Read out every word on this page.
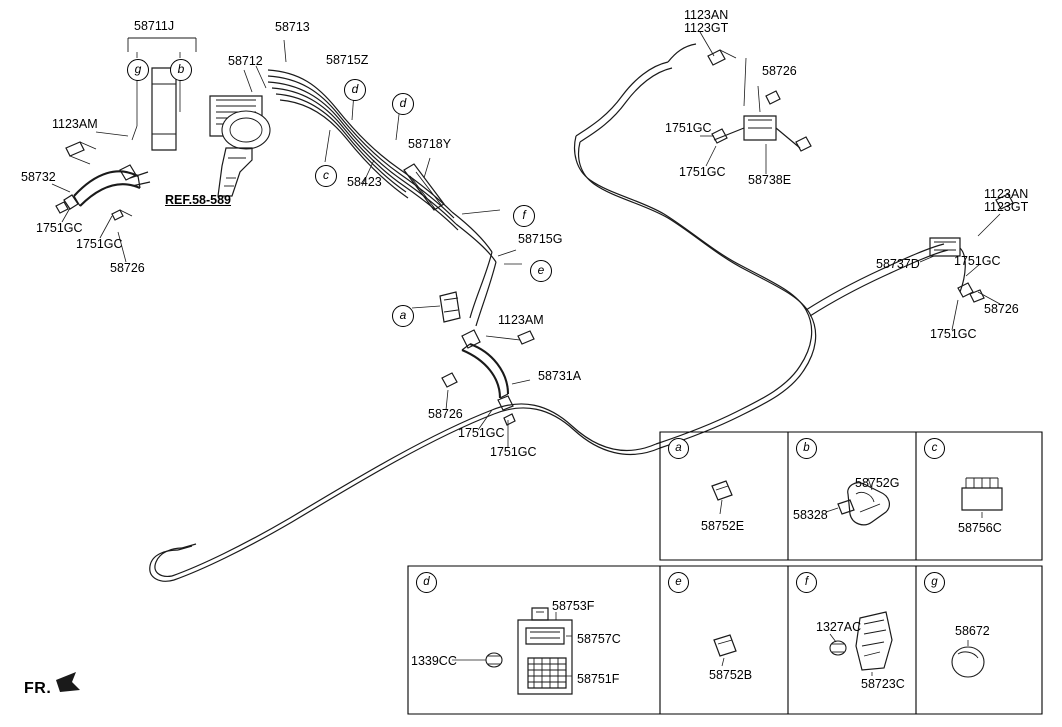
58711J	58713
1123AN
1123GT
58712	58715Z
58726
1123AM	1751GC
58718Y
58732	1751GC
58738E
58423
1123AN
1123GT
REF.58-589
1751GC
58715G
1751GC
58737D	1751GC
58726
58726
1123AM
1751GC
58731A
58726
1751GC
1751GC
58752E
58752G
58328
58756C
58753F
58757C
1339CC
58751F	58752B
1327AC
58723C
58672
g	b
d
d
c
f
e
a
a	b	c
d	e	f	g
FR.
